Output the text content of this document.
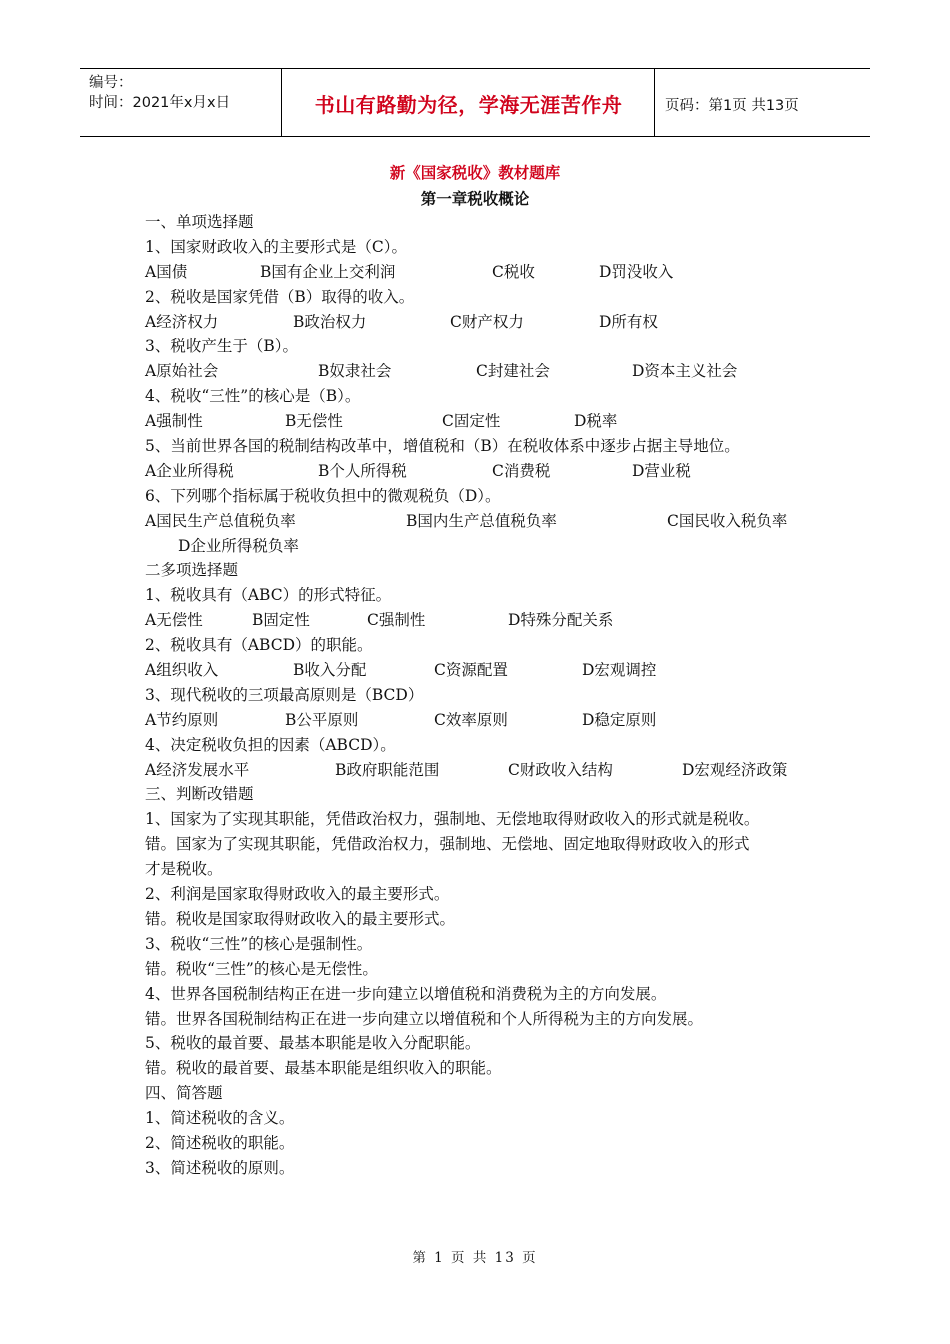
编号：
时间：2021年x月x日	书山有路勤为径，学海无涯苦作舟	页码：第1页 共13页
新《国家税收》教材题库
第一章税收概论
一、单项选择题
1、国家财政收入的主要形式是（C）。
A国债	B国有企业上交利润	C税收	D罚没收入
2、税收是国家凭借（B）取得的收入。
A经济权力	B政治权力	C财产权力	D所有权
3、税收产生于（B）。
A原始社会	B奴隶社会	C封建社会	D资本主义社会
4、税收“三性”的核心是（B）。
A强制性	B无偿性	C固定性	D税率
5、当前世界各国的税制结构改革中，增值税和（B）在税收体系中逐步占据主导地位。
A企业所得税	B个人所得税	C消费税	D营业税
6、下列哪个指标属于税收负担中的微观税负（D）。
A国民生产总值税负率	B国内生产总值税负率	C国民收入税负率
D企业所得税负率
二多项选择题
1、税收具有（ABC）的形式特征。
A无偿性	B固定性	C强制性	D特殊分配关系
2、税收具有（ABCD）的职能。
A组织收入	B收入分配	C资源配置	D宏观调控
3、现代税收的三项最高原则是（BCD）
A节约原则	B公平原则	C效率原则	D稳定原则
4、决定税收负担的因素（ABCD）。
A经济发展水平	B政府职能范围	C财政收入结构	D宏观经济政策
三、判断改错题
1、国家为了实现其职能，凭借政治权力，强制地、无偿地取得财政收入的形式就是税收。
错。国家为了实现其职能，凭借政治权力，强制地、无偿地、固定地取得财政收入的形式
才是税收。
2、利润是国家取得财政收入的最主要形式。
错。税收是国家取得财政收入的最主要形式。
3、税收“三性”的核心是强制性。
错。税收“三性”的核心是无偿性。
4、世界各国税制结构正在进一步向建立以增值税和消费税为主的方向发展。
错。世界各国税制结构正在进一步向建立以增值税和个人所得税为主的方向发展。
5、税收的最首要、最基本职能是收入分配职能。
错。税收的最首要、最基本职能是组织收入的职能。
四、简答题
1、简述税收的含义。
2、简述税收的职能。
3、简述税收的原则。
第 1 页 共 13 页
